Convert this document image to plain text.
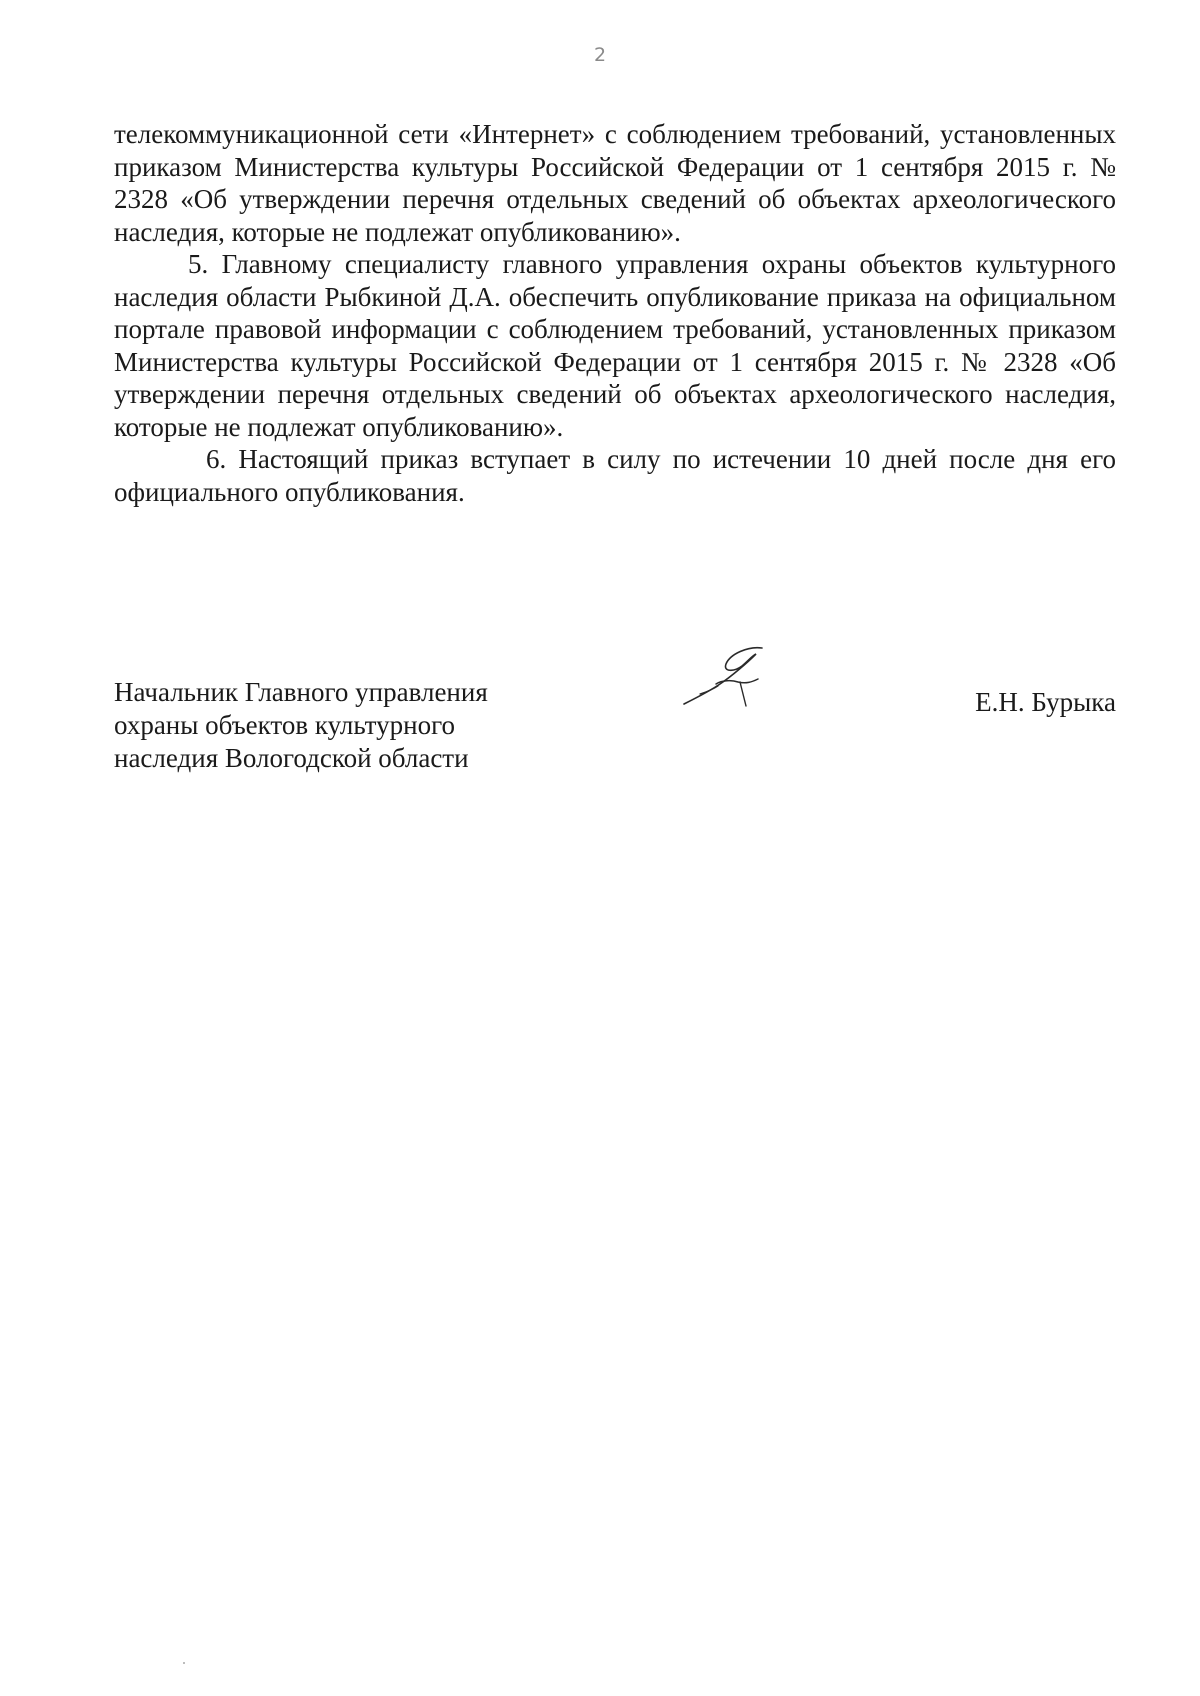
2

телекоммуникационной сети «Интернет» с соблюдением требований, установленных приказом Министерства культуры Российской Федерации от 1 сентября 2015 г. № 2328 «Об утверждении перечня отдельных сведений об объектах археологического наследия, которые не подлежат опубликованию».

5. Главному специалисту главного управления охраны объектов культурного наследия области Рыбкиной Д.А. обеспечить опубликование приказа на официальном портале правовой информации с соблюдением требований, установленных приказом Министерства культуры Российской Федерации от 1 сентября 2015 г. № 2328 «Об утверждении перечня отдельных сведений об объектах археологического наследия, которые не подлежат опубликованию».

6. Настоящий приказ вступает в силу по истечении 10 дней после дня его официального опубликования.

Начальник Главного управления
охраны объектов культурного
наследия Вологодской области
Е.Н. Бурыка
